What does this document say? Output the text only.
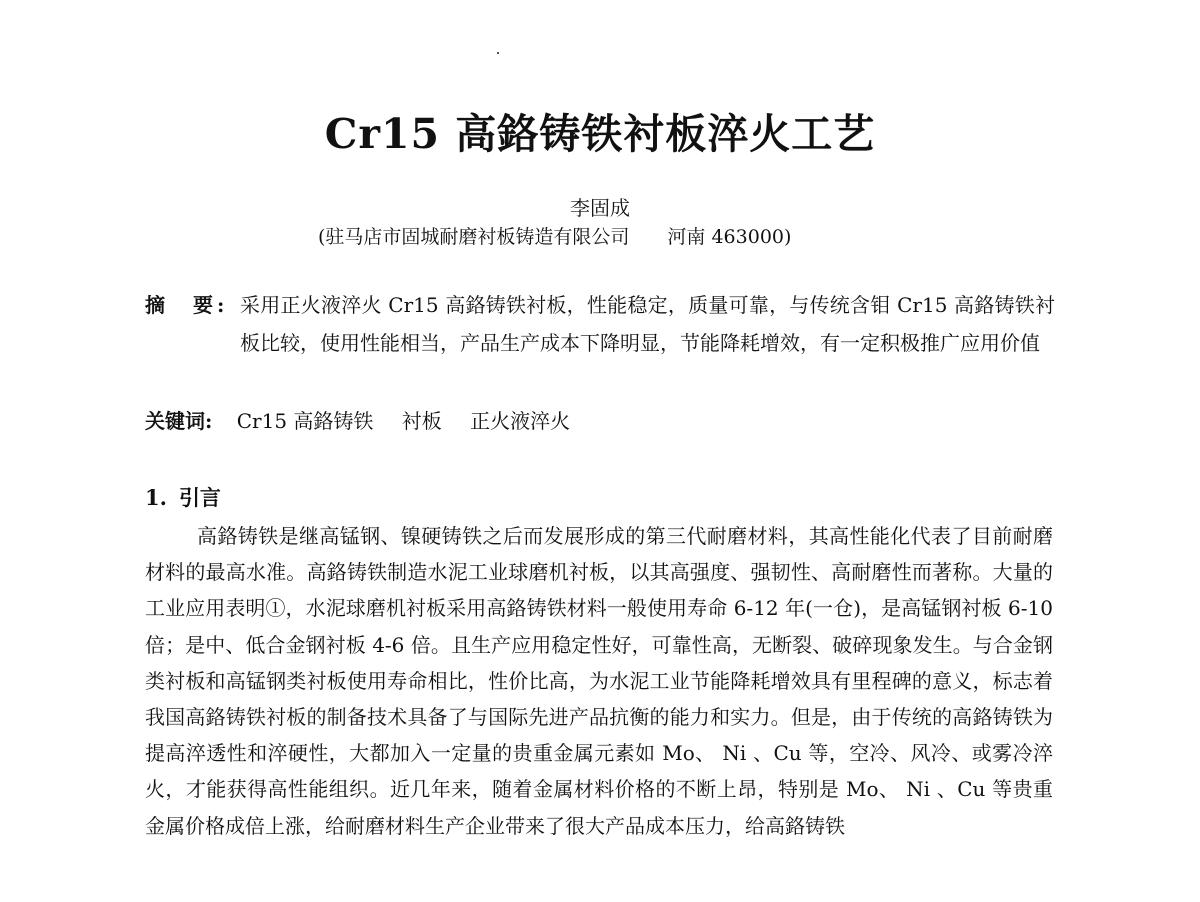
Cr15 高鉻铸铁衬板淬火工艺
李固成
(驻马店市固城耐磨衬板铸造有限公司 河南 463000)
摘　要: 采用正火液淬火 Cr15 高鉻铸铁衬板，性能稳定，质量可靠，与传统含钼 Cr15 高鉻铸铁衬板比较，使用性能相当，产品生产成本下降明显，节能降耗增效，有一定积极推广应用价值
关键词: Cr15 高鉻铸铁 衬板 正火液淬火
1. 引言
高鉻铸铁是继高锰钢、镍硬铸铁之后而发展形成的第三代耐磨材料，其高性能化代表了目前耐磨材料的最高水准。高鉻铸铁制造水泥工业球磨机衬板，以其高强度、强韧性、高耐磨性而著称。大量的工业应用表明①，水泥球磨机衬板采用高鉻铸铁材料一般使用寿命 6-12 年(一仓)，是高锰钢衬板 6-10 倍；是中、低合金钢衬板 4-6 倍。且生产应用稳定性好，可靠性高，无断裂、破碎现象发生。与合金钢类衬板和高锰钢类衬板使用寿命相比，性价比高，为水泥工业节能降耗增效具有里程碑的意义，标志着我国高鉻铸铁衬板的制备技术具备了与国际先进产品抗衡的能力和实力。但是，由于传统的高鉻铸铁为提高淬透性和淬硬性，大都加入一定量的贵重金属元素如 Mo、 Ni 、Cu 等，空冷、风冷、或雾冷淬火，才能获得高性能组织。近几年来，随着金属材料价格的不断上昂，特别是 Mo、 Ni 、Cu 等贵重金属价格成倍上涨，给耐磨材料生产企业带来了很大产品成本压力，给高鉻铸铁
